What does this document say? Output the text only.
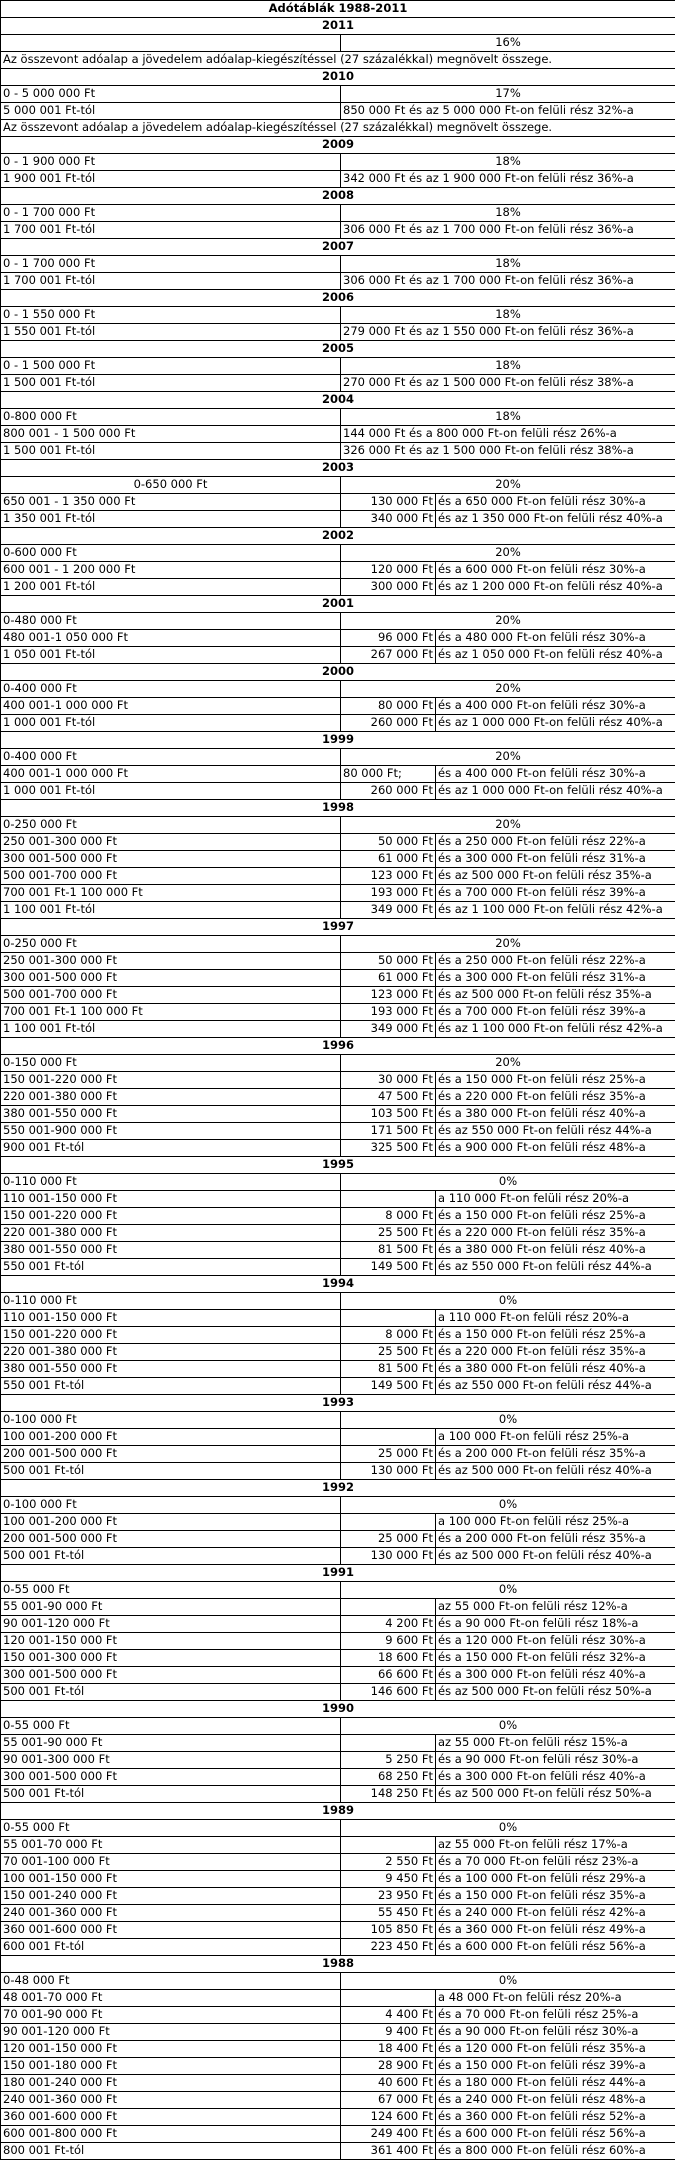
Adótáblák 1988-2011		
2011		
	16%	
Az összevont adóalap a jövedelem adóalap-kiegészítéssel (27 százalékkal) megnövelt összege.		
2010		
0 - 5 000 000 Ft	17%	
5 000 001 Ft-tól	850 000 Ft és az 5 000 000 Ft-on felüli rész 32%-a	
Az összevont adóalap a jövedelem adóalap-kiegészítéssel (27 százalékkal) megnövelt összege.		
2009		
0 - 1 900 000 Ft	18%	
1 900 001 Ft-tól	342 000 Ft és az 1 900 000 Ft-on felüli rész 36%-a	
2008		
0 - 1 700 000 Ft	18%	
1 700 001 Ft-tól	306 000 Ft és az 1 700 000 Ft-on felüli rész 36%-a	
2007		
0 - 1 700 000 Ft	18%	
1 700 001 Ft-tól	306 000 Ft és az 1 700 000 Ft-on felüli rész 36%-a	
2006		
0 - 1 550 000 Ft	18%	
1 550 001 Ft-tól	279 000 Ft és az 1 550 000 Ft-on felüli rész 36%-a	
2005		
0 - 1 500 000 Ft	18%	
1 500 001 Ft-tól	270 000 Ft és az 1 500 000 Ft-on felüli rész 38%-a	
2004		
0-800 000 Ft	18%	
800 001 - 1 500 000 Ft	144 000 Ft és a 800 000 Ft-on felüli rész 26%-a	
1 500 001 Ft-tól	326 000 Ft és az 1 500 000 Ft-on felüli rész 38%-a	
2003		
0-650 000 Ft	20%	
650 001 - 1 350 000 Ft	130 000 Ft	és a 650 000 Ft-on felüli rész 30%-a
1 350 001 Ft-tól	340 000 Ft	és az 1 350 000 Ft-on felüli rész 40%-a
2002		
0-600 000 Ft	20%	
600 001 - 1 200 000 Ft	120 000 Ft	és a 600 000 Ft-on felüli rész 30%-a
1 200 001 Ft-tól	300 000 Ft	és az 1 200 000 Ft-on felüli rész 40%-a
2001		
0-480 000 Ft	20%	
480 001-1 050 000 Ft	96 000 Ft	és a 480 000 Ft-on felüli rész 30%-a
1 050 001 Ft-tól	267 000 Ft	és az 1 050 000 Ft-on felüli rész 40%-a
2000		
0-400 000 Ft	20%	
400 001-1 000 000 Ft	80 000 Ft	és a 400 000 Ft-on felüli rész 30%-a
1 000 001 Ft-tól	260 000 Ft	és az 1 000 000 Ft-on felüli rész 40%-a
1999		
0-400 000 Ft	20%	
400 001-1 000 000 Ft	80 000 Ft;	és a 400 000 Ft-on felüli rész 30%-a
1 000 001 Ft-tól	260 000 Ft	és az 1 000 000 Ft-on felüli rész 40%-a
1998		
0-250 000 Ft	20%	
250 001-300 000 Ft	50 000 Ft	és a 250 000 Ft-on felüli rész 22%-a
300 001-500 000 Ft	61 000 Ft	és a 300 000 Ft-on felüli rész 31%-a
500 001-700 000 Ft	123 000 Ft	és az 500 000 Ft-on felüli rész 35%-a
700 001 Ft-1 100 000 Ft	193 000 Ft	és a 700 000 Ft-on felüli rész 39%-a
1 100 001 Ft-tól	349 000 Ft	és az 1 100 000 Ft-on felüli rész 42%-a
1997		
0-250 000 Ft	20%	
250 001-300 000 Ft	50 000 Ft	és a 250 000 Ft-on felüli rész 22%-a
300 001-500 000 Ft	61 000 Ft	és a 300 000 Ft-on felüli rész 31%-a
500 001-700 000 Ft	123 000 Ft	és az 500 000 Ft-on felüli rész 35%-a
700 001 Ft-1 100 000 Ft	193 000 Ft	és a 700 000 Ft-on felüli rész 39%-a
1 100 001 Ft-tól	349 000 Ft	és az 1 100 000 Ft-on felüli rész 42%-a
1996		
0-150 000 Ft	20%	
150 001-220 000 Ft	30 000 Ft	és a 150 000 Ft-on felüli rész 25%-a
220 001-380 000 Ft	47 500 Ft	és a 220 000 Ft-on felüli rész 35%-a
380 001-550 000 Ft	103 500 Ft	és a 380 000 Ft-on felüli rész 40%-a
550 001-900 000 Ft	171 500 Ft	és az 550 000 Ft-on felüli rész 44%-a
900 001 Ft-tól	325 500 Ft	és a 900 000 Ft-on felüli rész 48%-a
1995		
0-110 000 Ft	0%	
110 001-150 000 Ft		a 110 000 Ft-on felüli rész 20%-a
150 001-220 000 Ft	8 000 Ft	és a 150 000 Ft-on felüli rész 25%-a
220 001-380 000 Ft	25 500 Ft	és a 220 000 Ft-on felüli rész 35%-a
380 001-550 000 Ft	81 500 Ft	és a 380 000 Ft-on felüli rész 40%-a
550 001 Ft-tól	149 500 Ft	és az 550 000 Ft-on felüli rész 44%-a
1994		
0-110 000 Ft	0%	
110 001-150 000 Ft		a 110 000 Ft-on felüli rész 20%-a
150 001-220 000 Ft	8 000 Ft	és a 150 000 Ft-on felüli rész 25%-a
220 001-380 000 Ft	25 500 Ft	és a 220 000 Ft-on felüli rész 35%-a
380 001-550 000 Ft	81 500 Ft	és a 380 000 Ft-on felüli rész 40%-a
550 001 Ft-tól	149 500 Ft	és az 550 000 Ft-on felüli rész 44%-a
1993		
0-100 000 Ft	0%	
100 001-200 000 Ft		a 100 000 Ft-on felüli rész 25%-a
200 001-500 000 Ft	25 000 Ft	és a 200 000 Ft-on felüli rész 35%-a
500 001 Ft-tól	130 000 Ft	és az 500 000 Ft-on felüli rész 40%-a
1992		
0-100 000 Ft	0%	
100 001-200 000 Ft		a 100 000 Ft-on felüli rész 25%-a
200 001-500 000 Ft	25 000 Ft	és a 200 000 Ft-on felüli rész 35%-a
500 001 Ft-tól	130 000 Ft	és az 500 000 Ft-on felüli rész 40%-a
1991		
0-55 000 Ft	0%	
55 001-90 000 Ft		az 55 000 Ft-on felüli rész 12%-a
90 001-120 000 Ft	4 200 Ft	és a 90 000 Ft-on felüli rész 18%-a
120 001-150 000 Ft	9 600 Ft	és a 120 000 Ft-on felüli rész 30%-a
150 001-300 000 Ft	18 600 Ft	és a 150 000 Ft-on felüli rész 32%-a
300 001-500 000 Ft	66 600 Ft	és a 300 000 Ft-on felüli rész 40%-a
500 001 Ft-tól	146 600 Ft	és az 500 000 Ft-on felüli rész 50%-a
1990		
0-55 000 Ft	0%	
55 001-90 000 Ft		az 55 000 Ft-on felüli rész 15%-a
90 001-300 000 Ft	5 250 Ft	és a 90 000 Ft-on felüli rész 30%-a
300 001-500 000 Ft	68 250 Ft	és a 300 000 Ft-on felüli rész 40%-a
500 001 Ft-tól	148 250 Ft	és az 500 000 Ft-on felüli rész 50%-a
1989		
0-55 000 Ft	0%	
55 001-70 000 Ft		az 55 000 Ft-on felüli rész 17%-a
70 001-100 000 Ft	2 550 Ft	és a 70 000 Ft-on felüli rész 23%-a
100 001-150 000 Ft	9 450 Ft	és a 100 000 Ft-on felüli rész 29%-a
150 001-240 000 Ft	23 950 Ft	és a 150 000 Ft-on felüli rész 35%-a
240 001-360 000 Ft	55 450 Ft	és a 240 000 Ft-on felüli rész 42%-a
360 001-600 000 Ft	105 850 Ft	és a 360 000 Ft-on felüli rész 49%-a
600 001 Ft-tól	223 450 Ft	és a 600 000 Ft-on felüli rész 56%-a
1988		
0-48 000 Ft	0%	
48 001-70 000 Ft		a 48 000 Ft-on felüli rész 20%-a
70 001-90 000 Ft	4 400 Ft	és a 70 000 Ft-on felüli rész 25%-a
90 001-120 000 Ft	9 400 Ft	és a 90 000 Ft-on felüli rész 30%-a
120 001-150 000 Ft	18 400 Ft	és a 120 000 Ft-on felüli rész 35%-a
150 001-180 000 Ft	28 900 Ft	és a 150 000 Ft-on felüli rész 39%-a
180 001-240 000 Ft	40 600 Ft	és a 180 000 Ft-on felüli rész 44%-a
240 001-360 000 Ft	67 000 Ft	és a 240 000 Ft-on felüli rész 48%-a
360 001-600 000 Ft	124 600 Ft	és a 360 000 Ft-on felüli rész 52%-a
600 001-800 000 Ft	249 400 Ft	és a 600 000 Ft-on felüli rész 56%-a
800 001 Ft-tól	361 400 Ft	és a 800 000 Ft-on felüli rész 60%-a
